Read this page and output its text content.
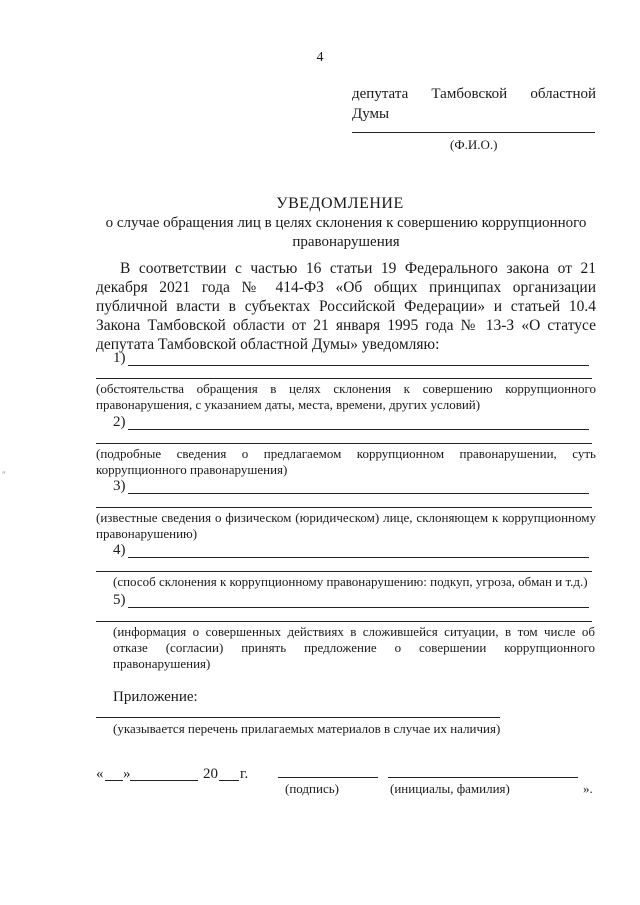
4
депутата Тамбовской областной
Думы
(Ф.И.О.)
УВЕДОМЛЕНИЕ
о случае обращения лиц в целях склонения к совершению коррупционного правонарушения
В соответствии с частью 16 статьи 19 Федерального закона от 21 декабря 2021 года № 414-ФЗ «Об общих принципах организации публичной власти в субъектах Российской Федерации» и статьей 10.4 Закона Тамбовской области от 21 января 1995 года № 13-З «О статусе депутата Тамбовской областной Думы» уведомляю:
1)
(обстоятельства обращения в целях склонения к совершению коррупционного правонарушения, с указанием даты, места, времени, других условий)
2)
(подробные сведения о предлагаемом коррупционном правонарушении, суть коррупционного правонарушения)
3)
(известные сведения о физическом (юридическом) лице, склоняющем к коррупционному правонарушению)
4)
(способ склонения к коррупционному правонарушению: подкуп, угроза, обман и т.д.)
5)
(информация о совершенных действиях в сложившейся ситуации, в том числе об отказе (согласии) принять предложение о совершении коррупционного правонарушения)
Приложение:
(указывается перечень прилагаемых материалов в случае их наличия)
« »	20 г.
(подпись)	(инициалы, фамилия)	».
"
